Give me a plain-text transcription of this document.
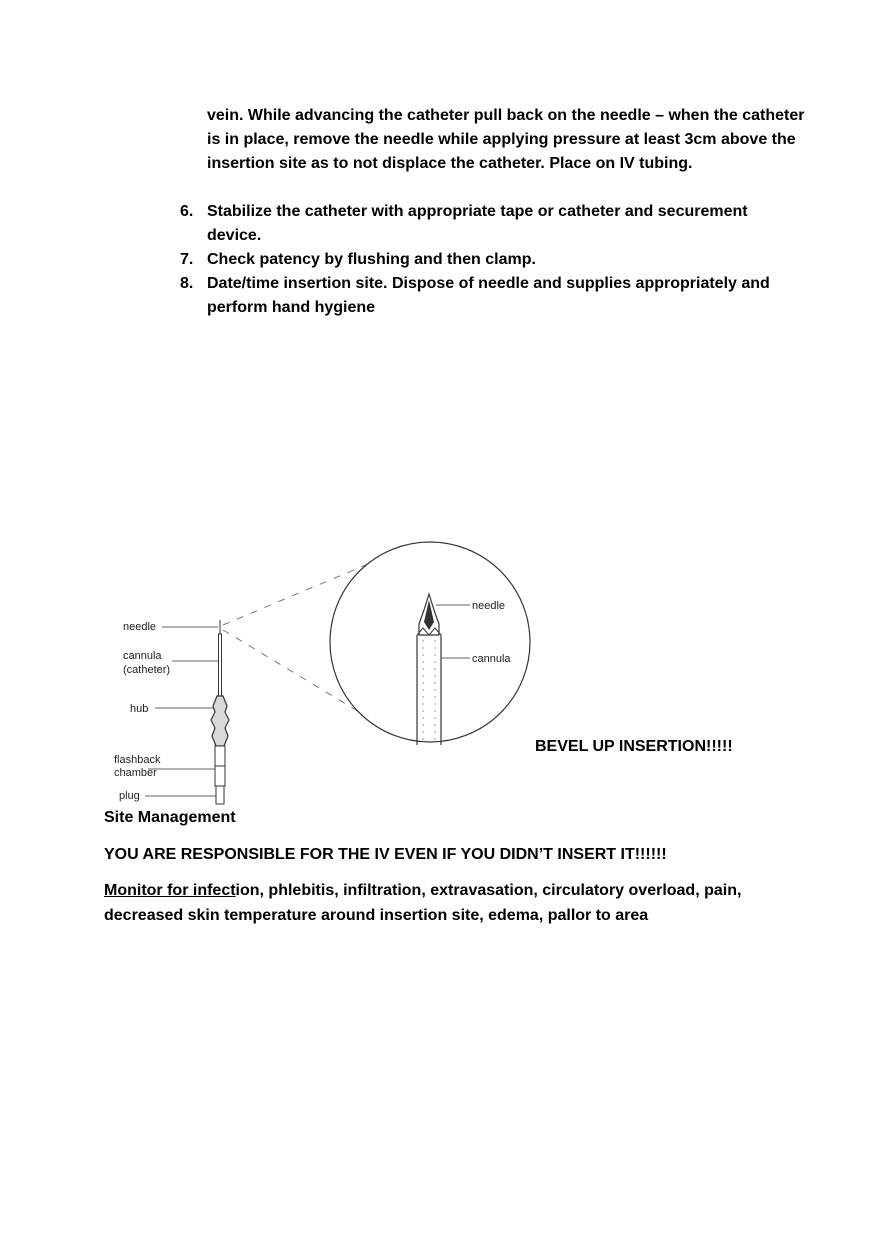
vein. While advancing the catheter pull back on the needle – when the catheter is in place, remove the needle while applying pressure at least 3cm above the insertion site as to not displace the catheter. Place on IV tubing.
6. Stabilize the catheter with appropriate tape or catheter and securement device.
7. Check patency by flushing and then clamp.
8. Date/time insertion site. Dispose of needle and supplies appropriately and perform hand hygiene
needle
cannula
(catheter)
hub
flashback
chamber
plug
needle
cannula
BEVEL UP INSERTION!!!!!
Site Management
YOU ARE RESPONSIBLE FOR THE IV EVEN IF YOU DIDN’T INSERT IT!!!!!!

Monitor for infection, phlebitis, infiltration, extravasation, circulatory overload, pain, decreased skin temperature around insertion site, edema, pallor to area
